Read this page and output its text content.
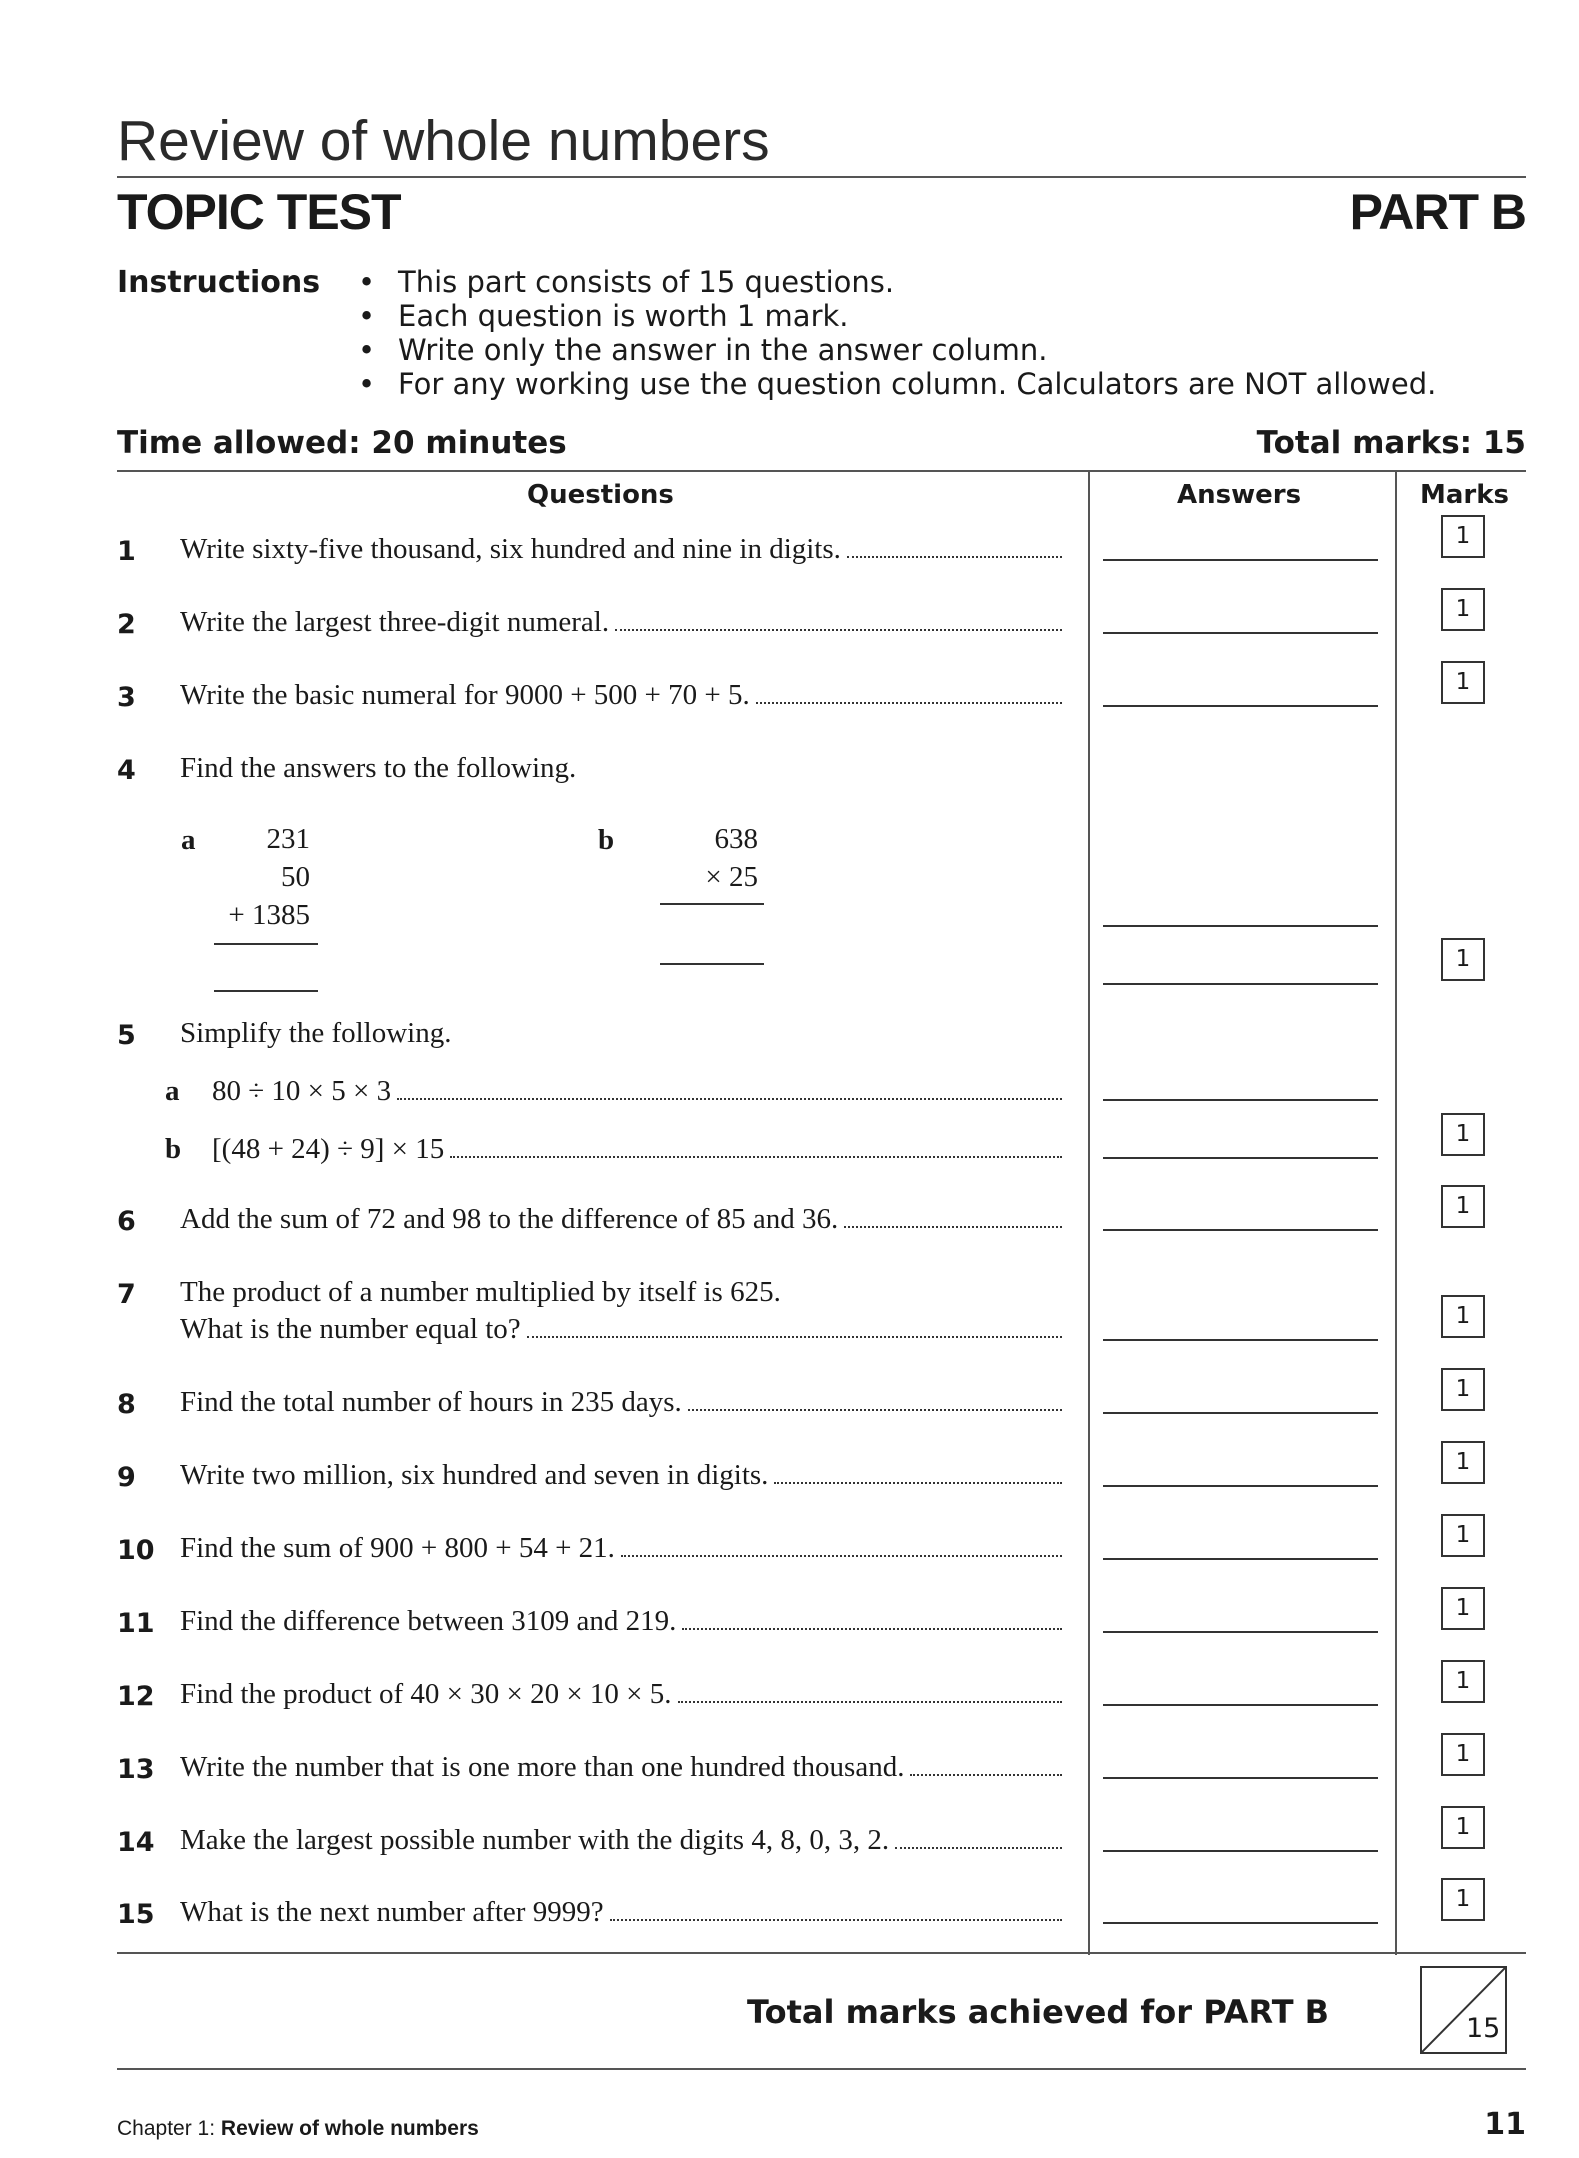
Review of whole numbers
TOPIC TEST	PART B
Instructions	• This part consists of 15 questions.
• Each question is worth 1 mark.
• Write only the answer in the answer column.
• For any working use the question column. Calculators are NOT allowed.
Time allowed: 20 minutes	Total marks: 15
Questions	Answers	Marks
1 Write sixty-five thousand, six hundred and nine in digits.	1
2 Write the largest three-digit numeral.	1
3 Write the basic numeral for 9000 + 500 + 70 + 5.	1
4 Find the answers to the following.
a	231
50
+ 1385
b	638
× 25
1
5 Simplify the following.
a 80 ÷ 10 × 5 × 3
b [(48 + 24) ÷ 9] × 15	1
6 Add the sum of 72 and 98 to the difference of 85 and 36.	1
7 The product of a number multiplied by itself is 625.
What is the number equal to?	1
8 Find the total number of hours in 235 days.	1
9 Write two million, six hundred and seven in digits.	1
10 Find the sum of 900 + 800 + 54 + 21.	1
11 Find the difference between 3109 and 219.	1
12 Find the product of 40 × 30 × 20 × 10 × 5.	1
13 Write the number that is one more than one hundred thousand.	1
14 Make the largest possible number with the digits 4, 8, 0, 3, 2.	1
15 What is the next number after 9999?	1
Total marks achieved for PART B	15
Chapter 1: Review of whole numbers	11
